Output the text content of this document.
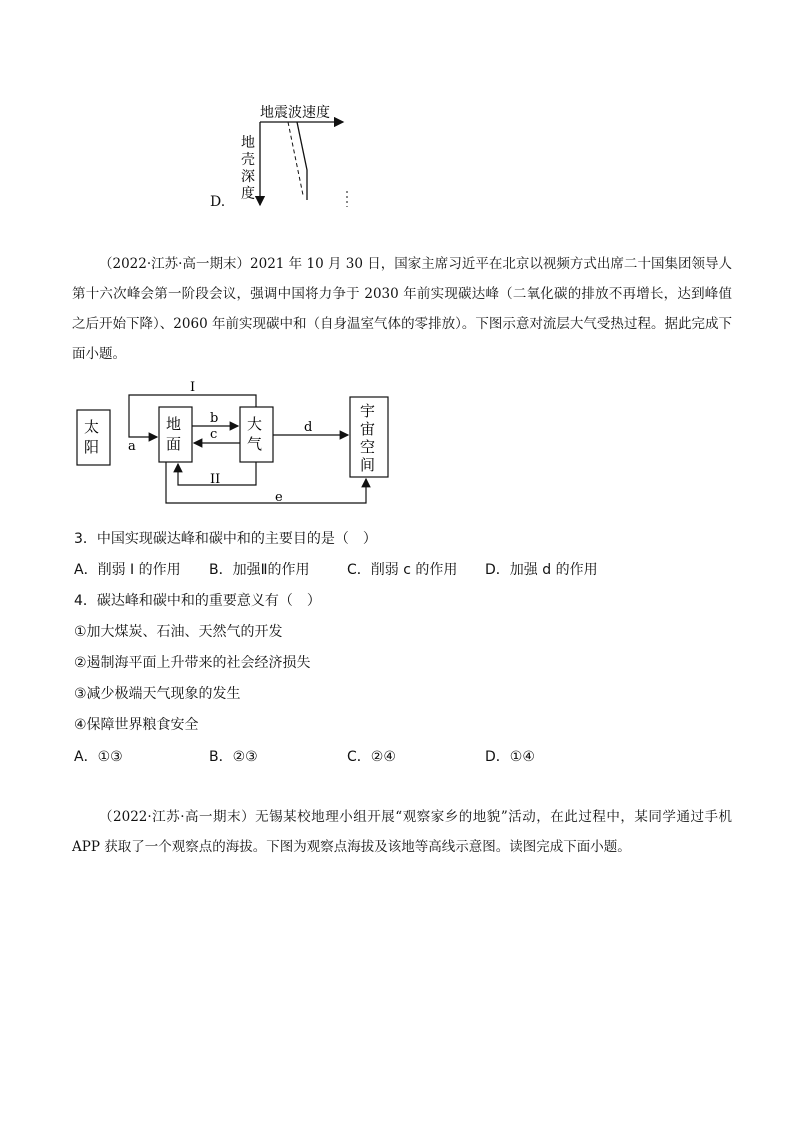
地震波速度
地
壳
深
度
D.
（2022·江苏·高一期末）2021 年 10 月 30 日，国家主席习近平在北京以视频方式出席二十国集团领导人第十六次峰会第一阶段会议，强调中国将力争于 2030 年前实现碳达峰（二氧化碳的排放不再增长，达到峰值之后开始下降）、2060 年前实现碳中和（自身温室气体的零排放）。下图示意对流层大气受热过程。据此完成下面小题。
太
阳
地
面
大
气
宇
宙
空
间
I
a
b
c	d
II
e
3．中国实现碳达峰和碳中和的主要目的是（　）
A．削弱 I 的作用 B．加强Ⅱ的作用	C．削弱 c 的作用 D．加强 d 的作用
4．碳达峰和碳中和的重要意义有（　）
①加大煤炭、石油、天然气的开发
②遏制海平面上升带来的社会经济损失
③减少极端天气现象的发生
④保障世界粮食安全
A．①③	B．②③	C．②④	D．①④
（2022·江苏·高一期末）无锡某校地理小组开展“观察家乡的地貌”活动，在此过程中，某同学通过手机 APP 获取了一个观察点的海拔。下图为观察点海拔及该地等高线示意图。读图完成下面小题。
